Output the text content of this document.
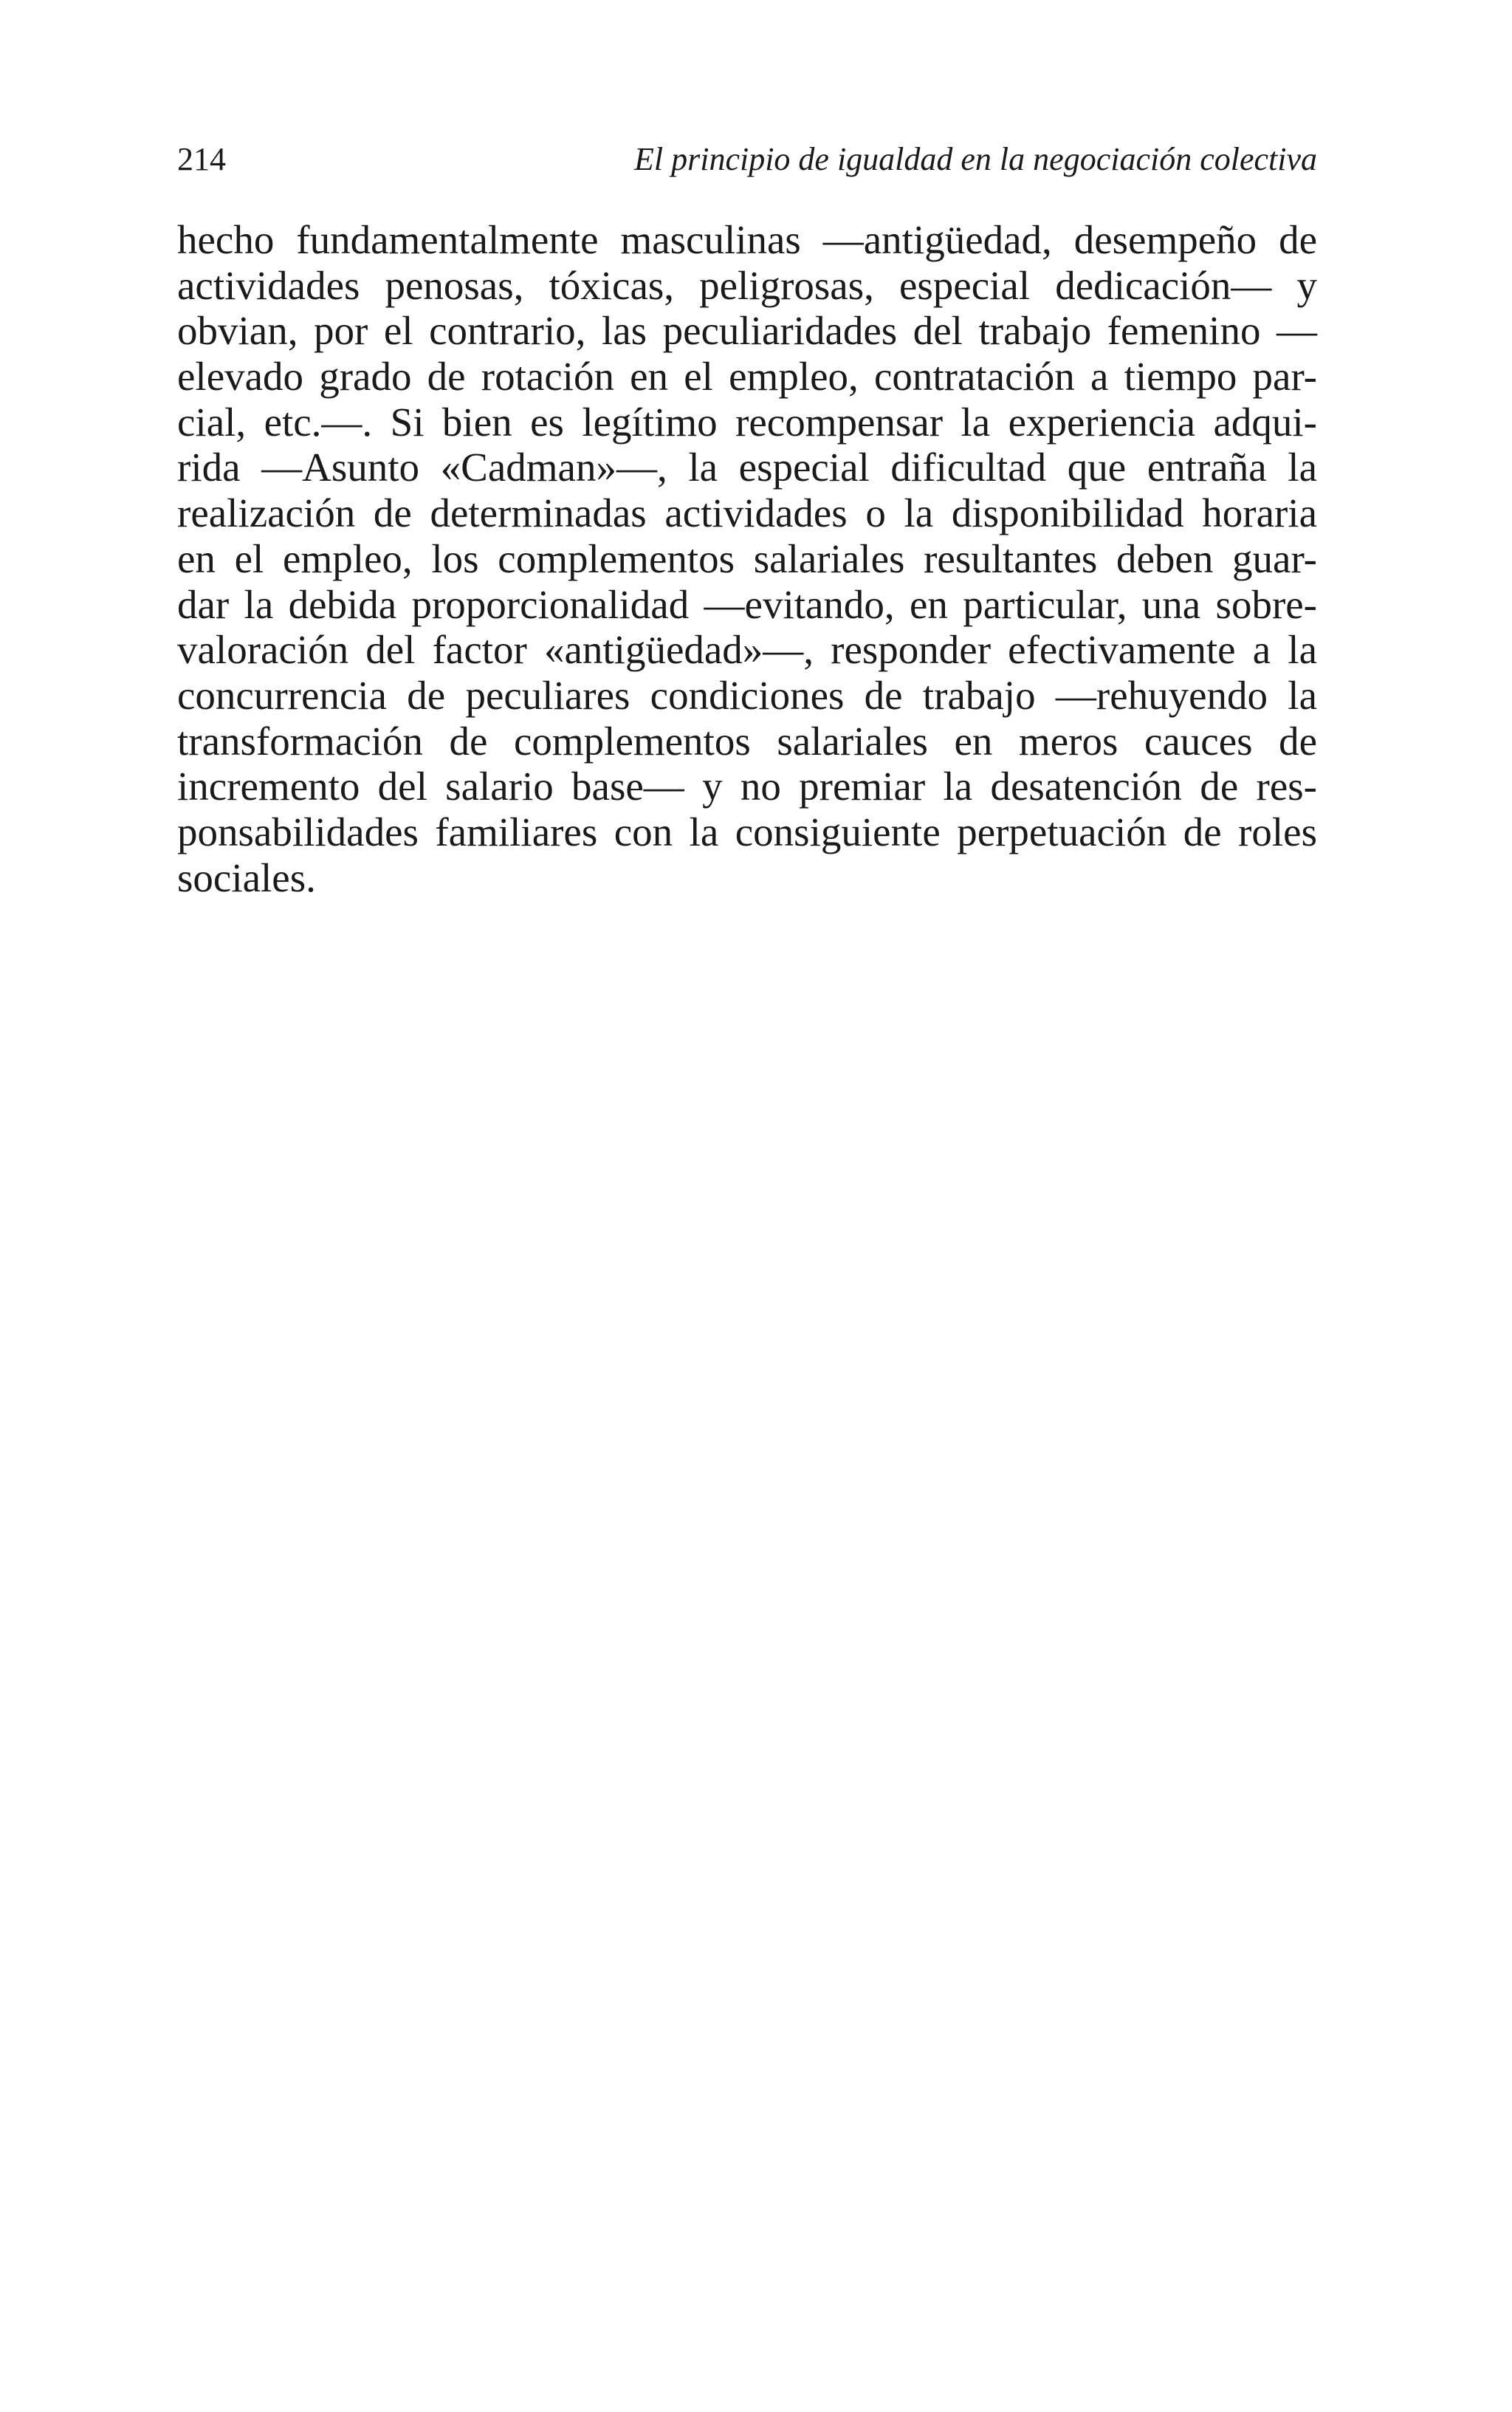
214	El principio de igualdad en la negociación colectiva
hecho fundamentalmente masculinas —antigüedad, desempeño de
actividades penosas, tóxicas, peligrosas, especial dedicación— y
obvian, por el contrario, las peculiaridades del trabajo femenino —
elevado grado de rotación en el empleo, contratación a tiempo par-
cial, etc.—. Si bien es legítimo recompensar la experiencia adqui-
rida —Asunto «Cadman»—, la especial dificultad que entraña la
realización de determinadas actividades o la disponibilidad horaria
en el empleo, los complementos salariales resultantes deben guar-
dar la debida proporcionalidad —evitando, en particular, una sobre-
valoración del factor «antigüedad»—, responder efectivamente a la
concurrencia de peculiares condiciones de trabajo —rehuyendo la
transformación de complementos salariales en meros cauces de
incremento del salario base— y no premiar la desatención de res-
ponsabilidades familiares con la consiguiente perpetuación de roles
sociales.
